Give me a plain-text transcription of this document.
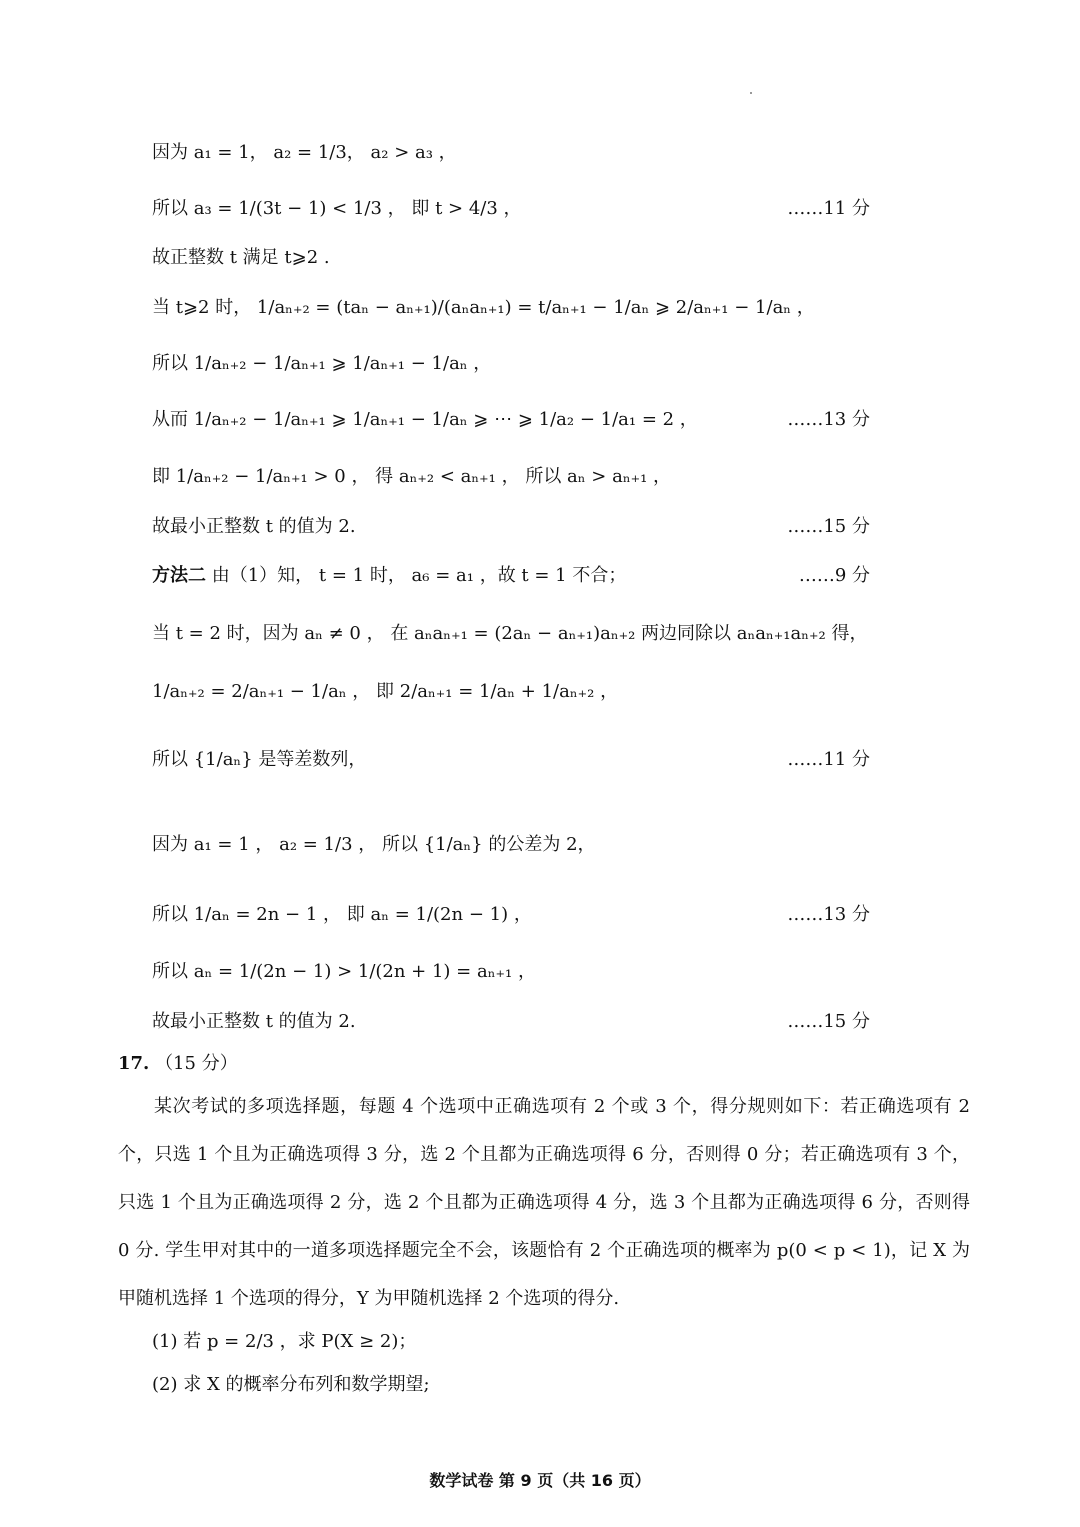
因为 a₁ = 1， a₂ = 1/3， a₂ > a₃ ，
所以 a₃ = 1/(3t − 1) < 1/3 ， 即 t > 4/3 ，	……11 分
故正整数 t 满足 t⩾2 .
当 t⩾2 时， 1/aₙ₊₂ = (taₙ − aₙ₊₁)/(aₙaₙ₊₁) = t/aₙ₊₁ − 1/aₙ ⩾ 2/aₙ₊₁ − 1/aₙ ，
所以 1/aₙ₊₂ − 1/aₙ₊₁ ⩾ 1/aₙ₊₁ − 1/aₙ ，
从而 1/aₙ₊₂ − 1/aₙ₊₁ ⩾ 1/aₙ₊₁ − 1/aₙ ⩾ ⋯ ⩾ 1/a₂ − 1/a₁ = 2 ，	……13 分
即 1/aₙ₊₂ − 1/aₙ₊₁ > 0 ， 得 aₙ₊₂ < aₙ₊₁ ， 所以 aₙ > aₙ₊₁ ，
故最小正整数 t 的值为 2.	……15 分
方法二 由（1）知， t = 1 时， a₆ = a₁ ，故 t = 1 不合；	……9 分
当 t = 2 时，因为 aₙ ≠ 0 ， 在 aₙaₙ₊₁ = (2aₙ − aₙ₊₁)aₙ₊₂ 两边同除以 aₙaₙ₊₁aₙ₊₂ 得，
1/aₙ₊₂ = 2/aₙ₊₁ − 1/aₙ ， 即 2/aₙ₊₁ = 1/aₙ + 1/aₙ₊₂ ，
所以 {1/aₙ} 是等差数列，	……11 分
因为 a₁ = 1 ， a₂ = 1/3 ， 所以 {1/aₙ} 的公差为 2，
所以 1/aₙ = 2n − 1 ， 即 aₙ = 1/(2n − 1) ，	……13 分
所以 aₙ = 1/(2n − 1) > 1/(2n + 1) = aₙ₊₁ ，
故最小正整数 t 的值为 2.	……15 分
17. （15 分）
某次考试的多项选择题，每题 4 个选项中正确选项有 2 个或 3 个，得分规则如下：若正确选项有 2 个，只选 1 个且为正确选项得 3 分，选 2 个且都为正确选项得 6 分，否则得 0 分；若正确选项有 3 个，只选 1 个且为正确选项得 2 分，选 2 个且都为正确选项得 4 分，选 3 个且都为正确选项得 6 分，否则得 0 分. 学生甲对其中的一道多项选择题完全不会，该题恰有 2 个正确选项的概率为 p(0 < p < 1)，记 X 为甲随机选择 1 个选项的得分，Y 为甲随机选择 2 个选项的得分.
(1) 若 p = 2/3 ，求 P(X ≥ 2)；
(2) 求 X 的概率分布列和数学期望;
数学试卷 第 9 页（共 16 页）
